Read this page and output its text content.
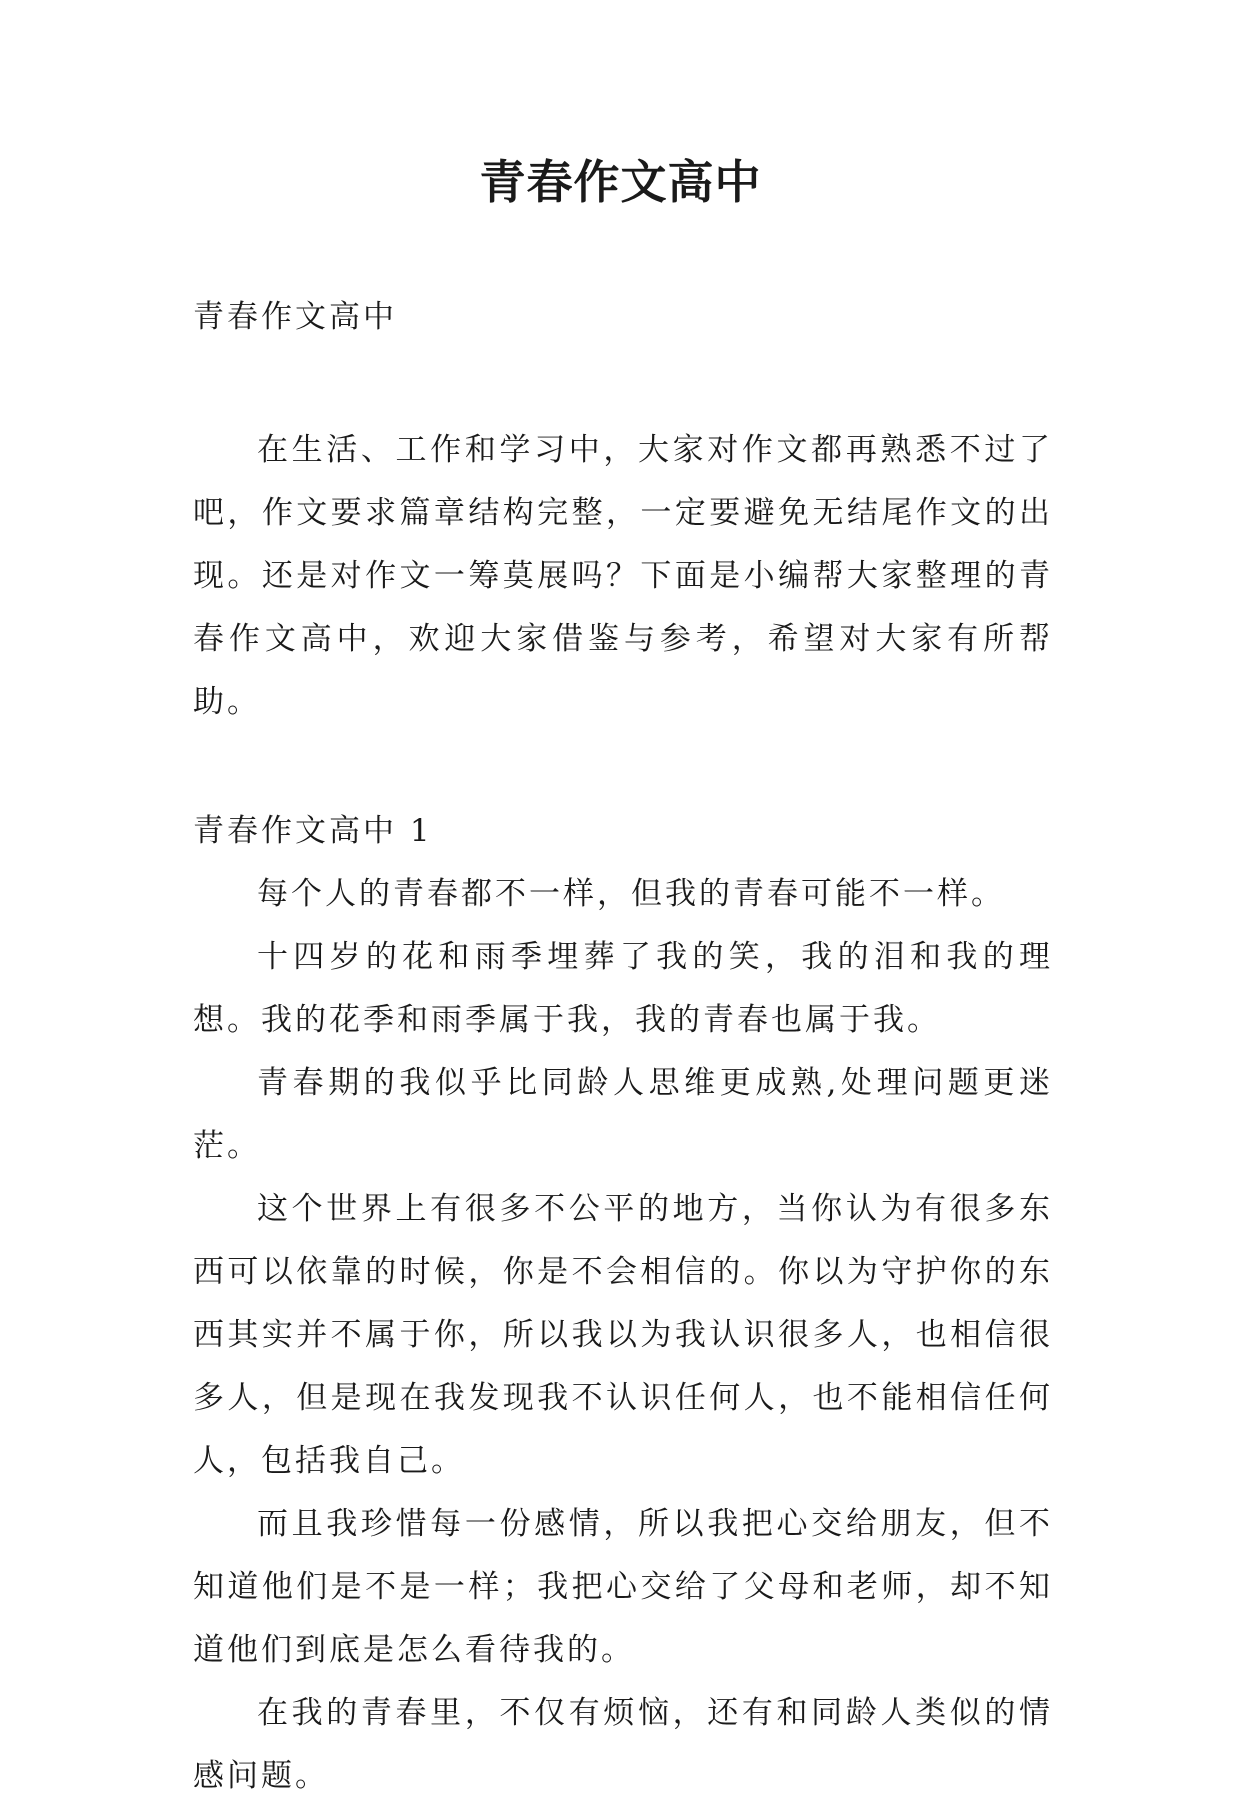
青春作文高中

青春作文高中

在生活、工作和学习中，大家对作文都再熟悉不过了吧，作文要求篇章结构完整，一定要避免无结尾作文的出现。还是对作文一筹莫展吗？下面是小编帮大家整理的青春作文高中，欢迎大家借鉴与参考，希望对大家有所帮助。

青春作文高中 1

每个人的青春都不一样，但我的青春可能不一样。

十四岁的花和雨季埋葬了我的笑，我的泪和我的理想。我的花季和雨季属于我，我的青春也属于我。

青春期的我似乎比同龄人思维更成熟,处理问题更迷茫。

这个世界上有很多不公平的地方，当你认为有很多东西可以依靠的时候，你是不会相信的。你以为守护你的东西其实并不属于你，所以我以为我认识很多人，也相信很多人，但是现在我发现我不认识任何人，也不能相信任何人，包括我自己。

而且我珍惜每一份感情，所以我把心交给朋友，但不知道他们是不是一样；我把心交给了父母和老师，却不知道他们到底是怎么看待我的。

在我的青春里，不仅有烦恼，还有和同龄人类似的情感问题。
